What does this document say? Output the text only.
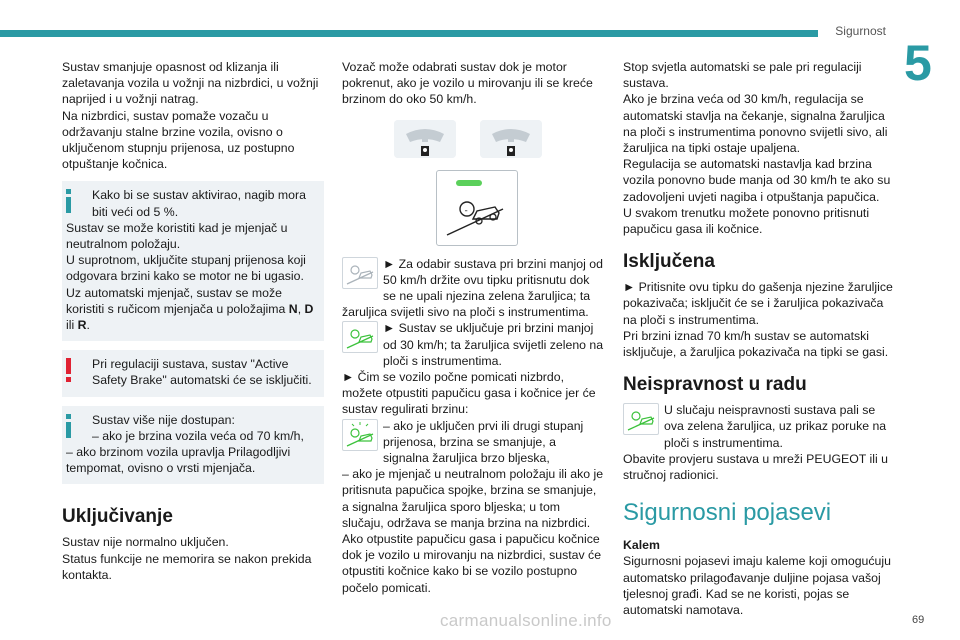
Sigurnost
5

Sustav smanjuje opasnost od klizanja ili zaletavanja vozila u vožnji na nizbrdici, u vožnji naprijed i u vožnji natrag.

Na nizbrdici, sustav pomaže vozaču u održavanju stalne brzine vozila, ovisno o uključenom stupnju prijenosa, uz postupno otpuštanje kočnica.

Kako bi se sustav aktivirao, nagib mora biti veći od 5 %.

Sustav se može koristiti kad je mjenjač u neutralnom položaju.

U suprotnom, uključite stupanj prijenosa koji odgovara brzini kako se motor ne bi ugasio.

Uz automatski mjenjač, sustav se može koristiti s ručicom mjenjača u položajima N, D ili R.

Pri regulaciji sustava, sustav "Active Safety Brake" automatski će se isključiti.

Sustav više nije dostupan:

– ako je brzina vozila veća od 70 km/h,

– ako brzinom vozila upravlja Prilagodljivi tempomat, ovisno o vrsti mjenjača.

Uključivanje

Sustav nije normalno uključen.

Status funkcije ne memorira se nakon prekida kontakta.

Vozač može odabrati sustav dok je motor pokrenut, ako je vozilo u mirovanju ili se kreće brzinom do oko 50 km/h.

-

► Za odabir sustava pri brzini manjoj od 50 km/h držite ovu tipku pritisnutu dok se ne upali njezina zelena žaruljica; ta žaruljica svijetli sivo na ploči s instrumentima.

► Sustav se uključuje pri brzini manjoj od 30 km/h; ta žaruljica svijetli zeleno na ploči s instrumentima.

► Čim se vozilo počne pomicati nizbrdo, možete otpustiti papučicu gasa i kočnice jer će sustav regulirati brzinu:

– ako je uključen prvi ili drugi stupanj prijenosa, brzina se smanjuje, a signalna žaruljica brzo bljeska,

– ako je mjenjač u neutralnom položaju ili ako je pritisnuta papučica spojke, brzina se smanjuje, a signalna žaruljica sporo bljeska; u tom slučaju, održava se manja brzina na nizbrdici.

Ako otpustite papučicu gasa i papučicu kočnice dok je vozilo u mirovanju na nizbrdici, sustav će otpustiti kočnice kako bi se vozilo postupno počelo pomicati.

Stop svjetla automatski se pale pri regulaciji sustava.

Ako je brzina veća od 30 km/h, regulacija se automatski stavlja na čekanje, signalna žaruljica na ploči s instrumentima ponovno svijetli sivo, ali žaruljica na tipki ostaje upaljena.

Regulacija se automatski nastavlja kad brzina vozila ponovno bude manja od 30 km/h te ako su zadovoljeni uvjeti nagiba i otpuštanja papučica.

U svakom trenutku možete ponovno pritisnuti papučicu gasa ili kočnice.

Isključena

► Pritisnite ovu tipku do gašenja njezine žaruljice pokazivača; isključit će se i žaruljica pokazivača na ploči s instrumentima.

Pri brzini iznad 70 km/h sustav se automatski isključuje, a žaruljica pokazivača na tipki se gasi.

Neispravnost u radu

U slučaju neispravnosti sustava pali se ova zelena žaruljica, uz prikaz poruke na ploči s instrumentima.

Obavite provjeru sustava u mreži PEUGEOT ili u stručnoj radionici.

Sigurnosni pojasevi

Kalem

Sigurnosni pojasevi imaju kaleme koji omogućuju automatsko prilagođavanje duljine pojasa vašoj tjelesnoj građi. Kad se ne koristi, pojas se automatski namotava.

carmanualsonline.info	69
